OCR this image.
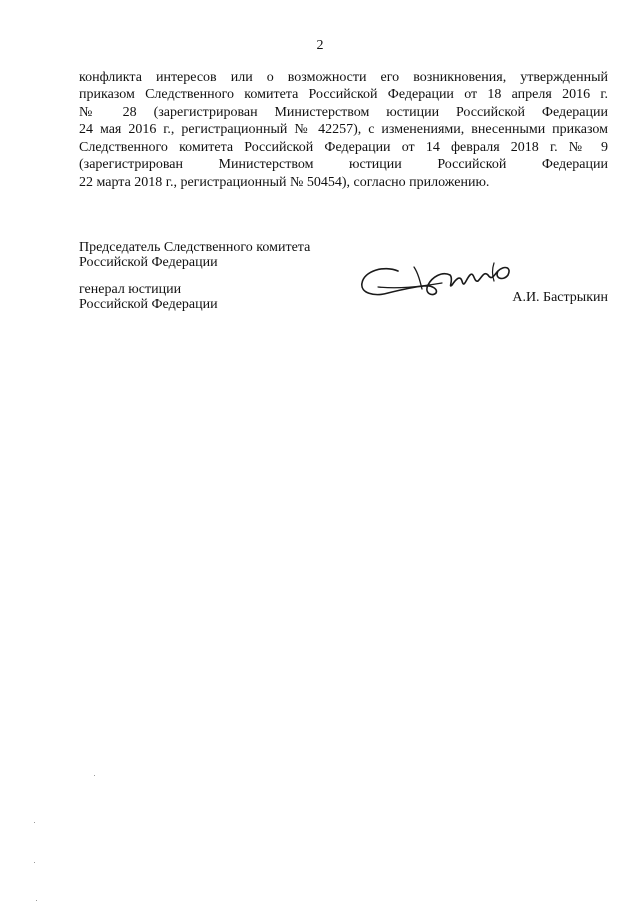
2
конфликта интересов или о возможности его возникновения, утвержденный
приказом Следственного комитета Российской Федерации от 18 апреля 2016 г.
№ 28 (зарегистрирован Министерством юстиции Российской Федерации
24 мая 2016 г., регистрационный № 42257), с изменениями, внесенными приказом
Следственного комитета Российской Федерации от 14 февраля 2018 г. № 9
(зарегистрирован Министерством юстиции Российской Федерации
22 марта 2018 г., регистрационный № 50454), согласно приложению.
Председатель Следственного комитета
Российской Федерации
генерал юстиции
Российской Федерации	А.И. Бастрыкин
